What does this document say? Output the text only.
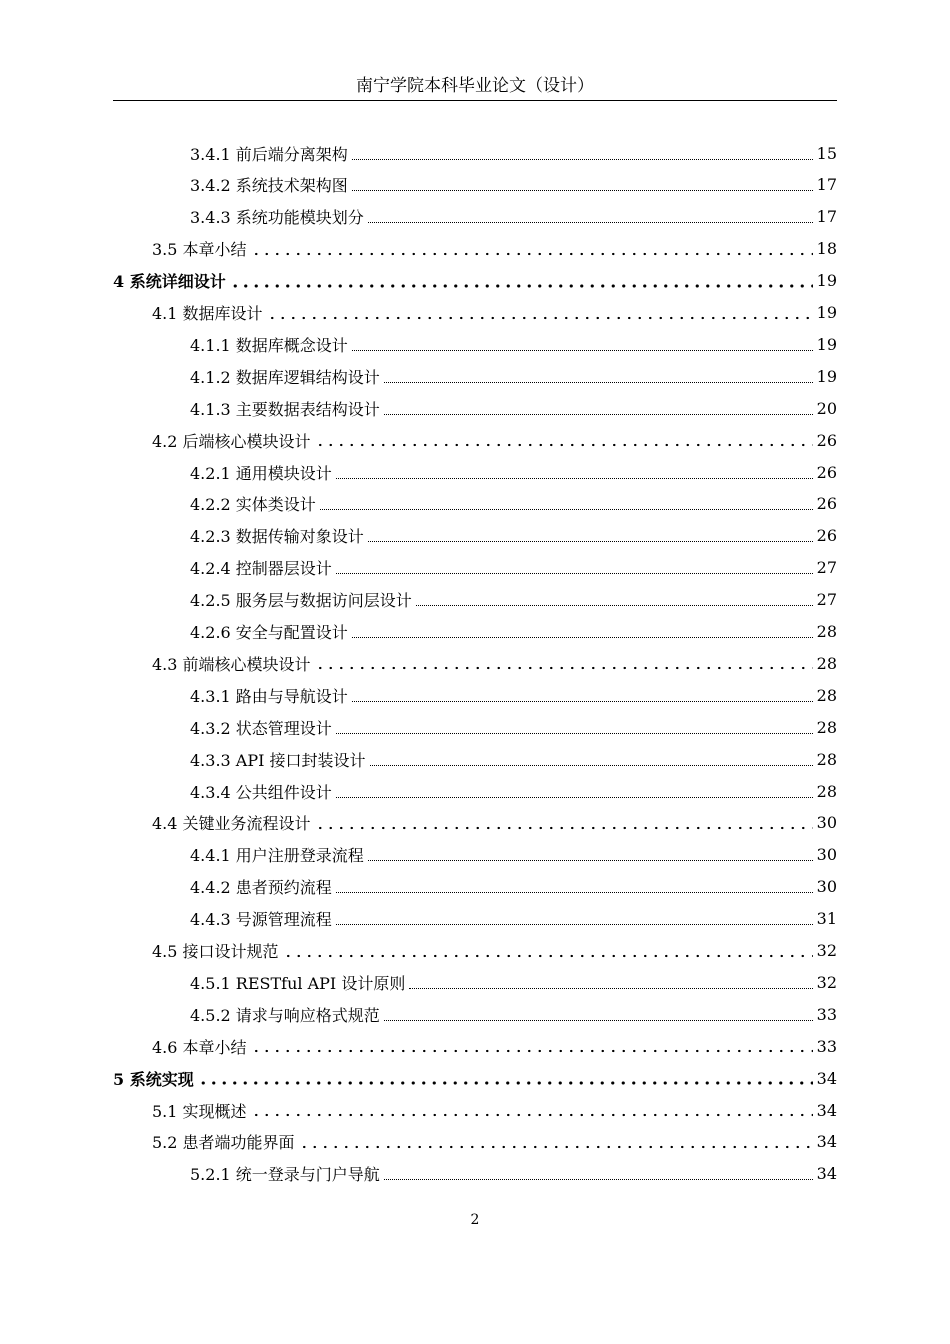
南宁学院本科毕业论文（设计）
3.4.1 前后端分离架构	15
3.4.2 系统技术架构图	17
3.4.3 系统功能模块划分	17
3.5 本章小结	18
4 系统详细设计	19
4.1 数据库设计	19
4.1.1 数据库概念设计	19
4.1.2 数据库逻辑结构设计	19
4.1.3 主要数据表结构设计	20
4.2 后端核心模块设计	26
4.2.1 通用模块设计	26
4.2.2 实体类设计	26
4.2.3 数据传输对象设计	26
4.2.4 控制器层设计	27
4.2.5 服务层与数据访问层设计	27
4.2.6 安全与配置设计	28
4.3 前端核心模块设计	28
4.3.1 路由与导航设计	28
4.3.2 状态管理设计	28
4.3.3 API 接口封装设计	28
4.3.4 公共组件设计	28
4.4 关键业务流程设计	30
4.4.1 用户注册登录流程	30
4.4.2 患者预约流程	30
4.4.3 号源管理流程	31
4.5 接口设计规范	32
4.5.1 RESTful API 设计原则	32
4.5.2 请求与响应格式规范	33
4.6 本章小结	33
5 系统实现	34
5.1 实现概述	34
5.2 患者端功能界面	34
5.2.1 统一登录与门户导航	34
2
